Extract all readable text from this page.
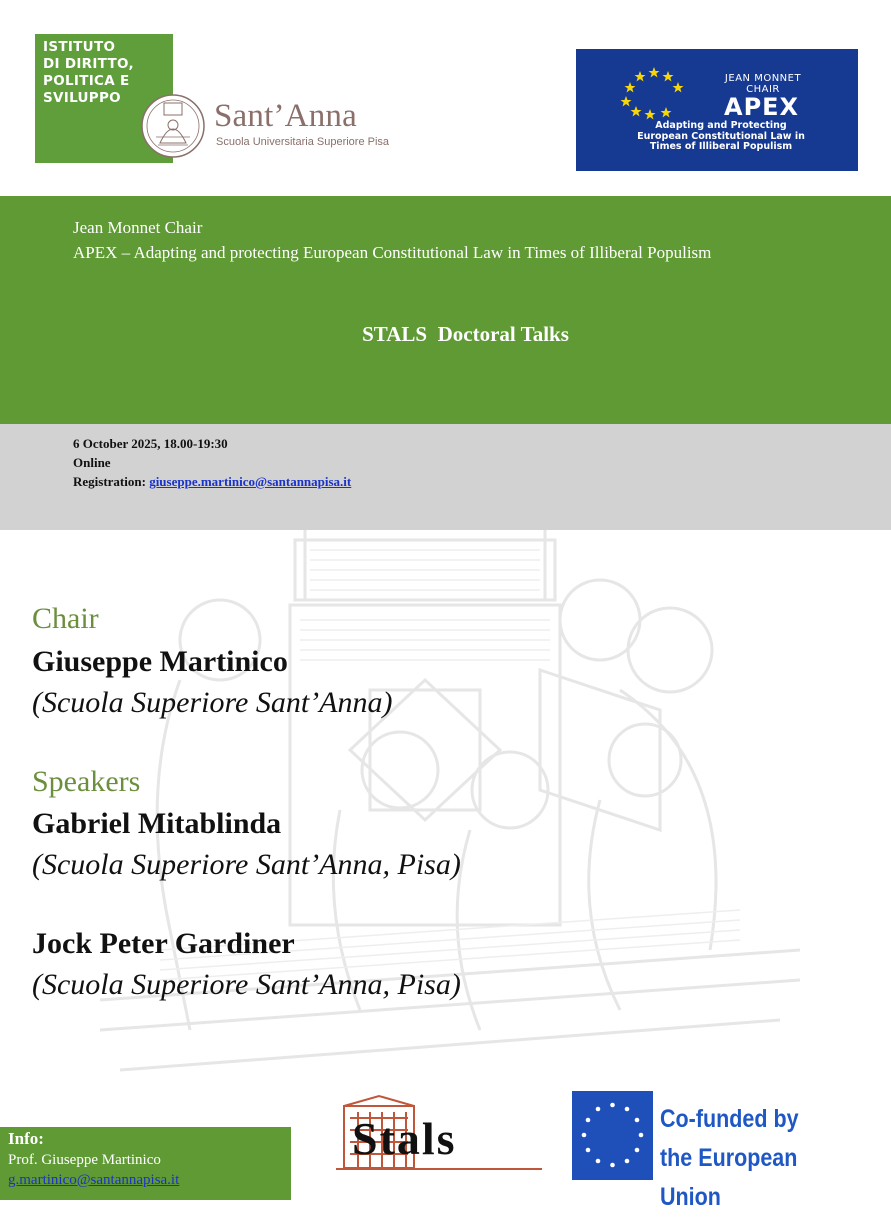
ISTITUTO
DI DIRITTO,
POLITICA E
SVILUPPO	Sant’Anna
Scuola Universitaria Superiore Pisa
JEAN MONNET
CHAIR
APEX
Adapting and Protecting
European Constitutional Law in
Times of Illiberal Populism
Jean Monnet Chair
APEX – Adapting and protecting European Constitutional Law in Times of Illiberal Populism
STALS  Doctoral Talks
6 October 2025, 18.00-19:30
Online
Registration: giuseppe.martinico@santannapisa.it
Chair
Giuseppe Martinico
(Scuola Superiore Sant’Anna)
Speakers
Gabriel Mitablinda
(Scuola Superiore Sant’Anna, Pisa)
Jock Peter Gardiner
(Scuola Superiore Sant’Anna, Pisa)
Info:
Prof. Giuseppe Martinico
g.martinico@santannapisa.it
Stals	Co-funded by
the European Union
